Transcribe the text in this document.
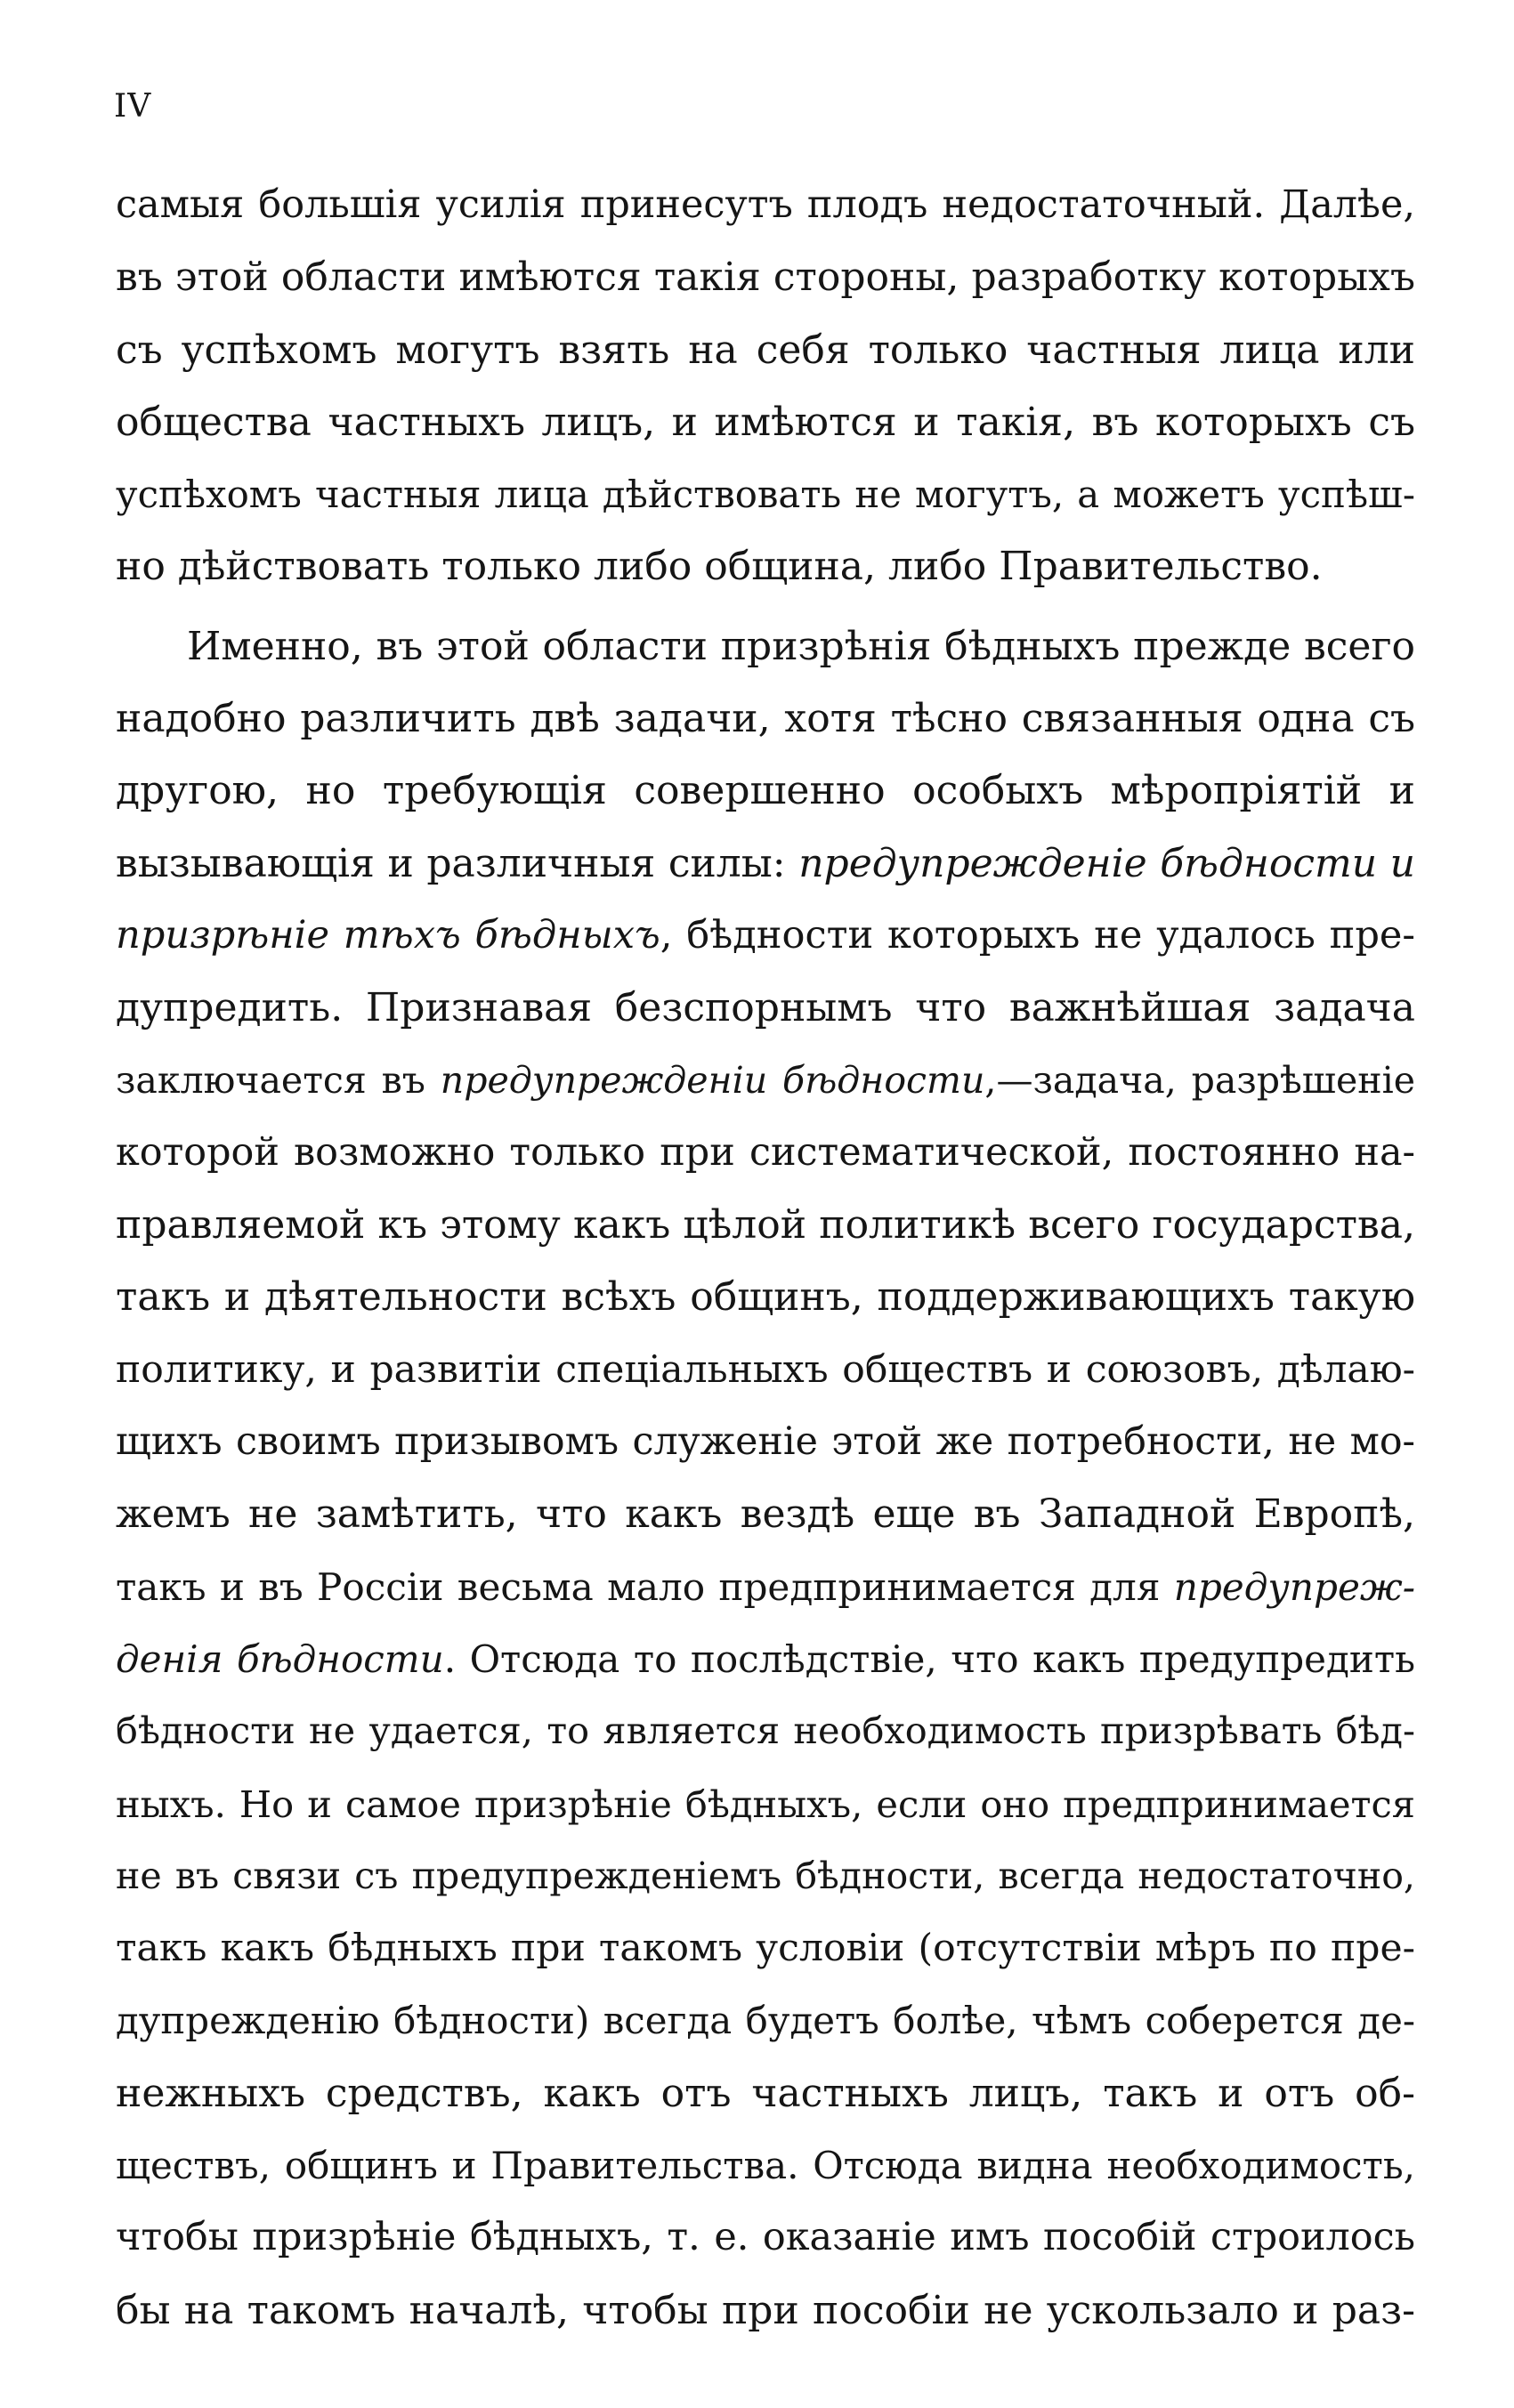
IV
самыя большія усилія принесутъ плодъ недостаточный. Далѣе,
въ этой области имѣются такія стороны, разработку которыхъ
съ успѣхомъ могутъ взять на себя только частныя лица или
общества частныхъ лицъ, и имѣются и такія, въ которыхъ съ
успѣхомъ частныя лица дѣйствовать не могутъ, а можетъ успѣш-
но дѣйствовать только либо община, либо Правительство.
Именно, въ этой области призрѣнія бѣдныхъ прежде всего
надобно различить двѣ задачи, хотя тѣсно связанныя одна съ
другою, но требующія совершенно особыхъ мѣропріятій и
вызывающія и различныя силы: предупрежденіе бѣдности и
призрѣніе тѣхъ бѣдныхъ, бѣдности которыхъ не удалось пре-
дупредить. Признавая безспорнымъ что важнѣйшая задача
заключается въ предупрежденіи бѣдности,—задача, разрѣшеніе
которой возможно только при систематической, постоянно на-
правляемой къ этому какъ цѣлой политикѣ всего государства,
такъ и дѣятельности всѣхъ общинъ, поддерживающихъ такую
политику, и развитіи спеціальныхъ обществъ и союзовъ, дѣлаю-
щихъ своимъ призывомъ служеніе этой же потребности, не мо-
жемъ не замѣтить, что какъ вездѣ еще въ Западной Европѣ,
такъ и въ Россіи весьма мало предпринимается для предупреж-
денія бѣдности. Отсюда то послѣдствіе, что какъ предупредить
бѣдности не удается, то является необходимость призрѣвать бѣд-
ныхъ. Но и самое призрѣніе бѣдныхъ, если оно предпринимается
не въ связи съ предупрежденіемъ бѣдности, всегда недостаточно,
такъ какъ бѣдныхъ при такомъ условіи (отсутствіи мѣръ по пре-
дупрежденію бѣдности) всегда будетъ болѣе, чѣмъ соберется де-
нежныхъ средствъ, какъ отъ частныхъ лицъ, такъ и отъ об-
ществъ, общинъ и Правительства. Отсюда видна необходимость,
чтобы призрѣніе бѣдныхъ, т. е. оказаніе имъ пособій строилось
бы на такомъ началѣ, чтобы при пособіи не ускользало и раз-
